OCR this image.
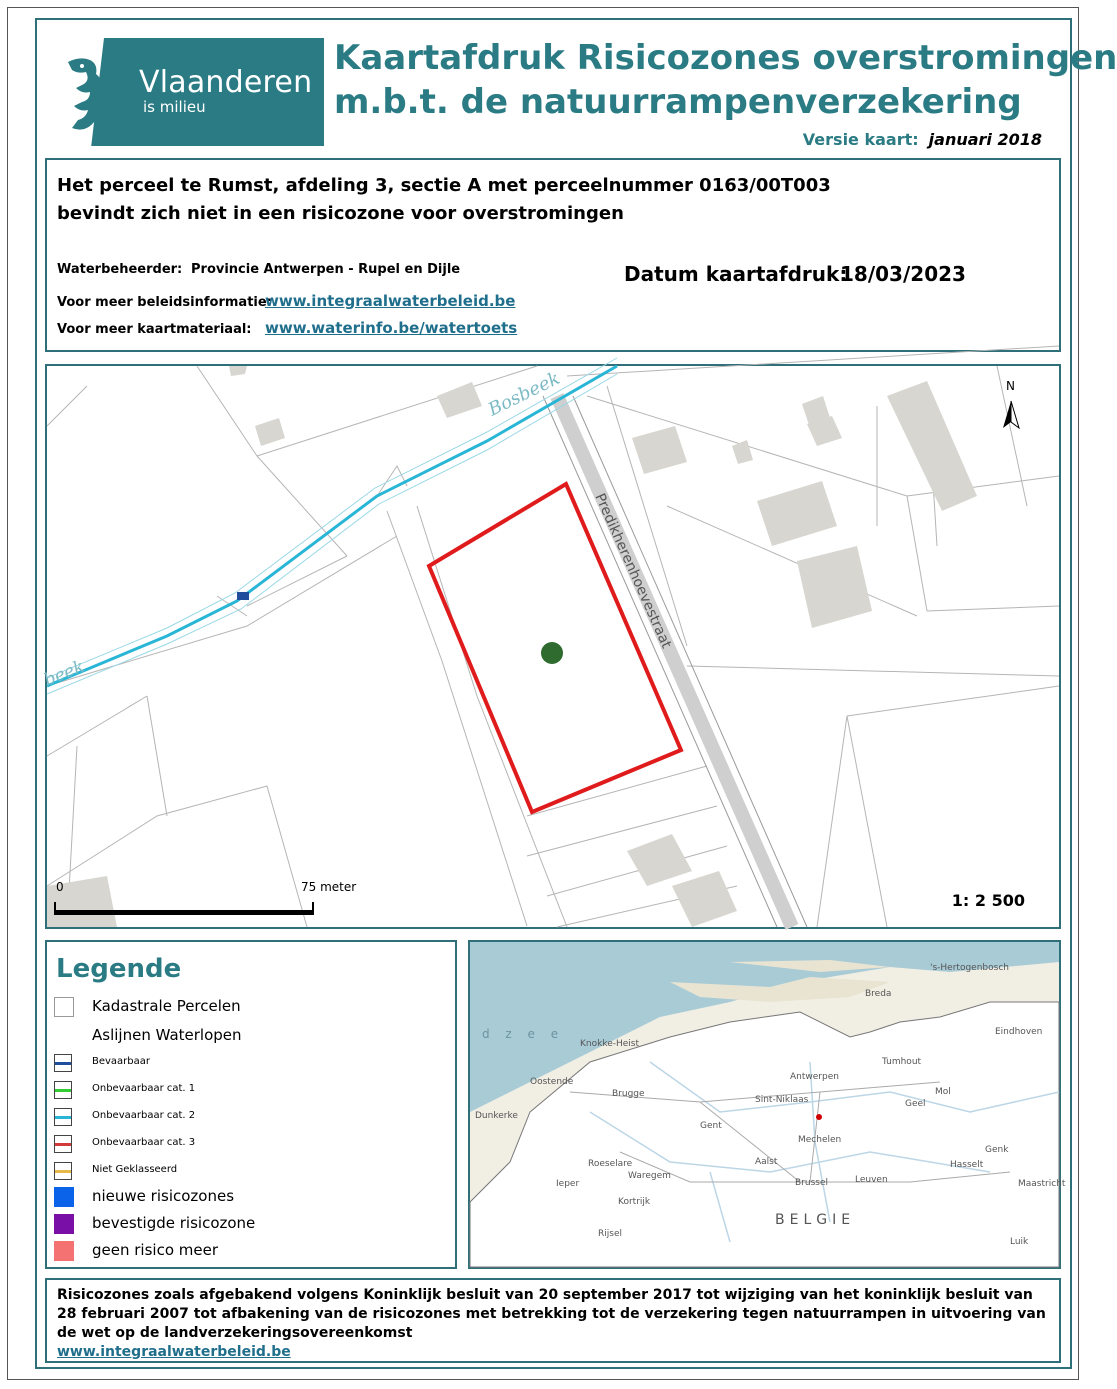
Vlaanderen
is milieu
Kaartafdruk Risicozones overstromingen
m.b.t. de natuurrampenverzekering
Versie kaart: januari 2018
Het perceel te Rumst, afdeling 3, sectie A met perceelnummer 0163/00T003
bevindt zich niet in een risicozone voor overstromingen
Waterbeheerder: Provincie Antwerpen - Rupel en Dijle
Voor meer beleidsinformatie:
www.integraalwaterbeleid.be
Voor meer kaartmateriaal: www.waterinfo.be/watertoets
Datum kaartafdruk:
18/03/2023
Bosbeek
beek
Predikherenhoevestraat
N
0	75 meter
1: 2 500
Legende
Kadastrale Percelen
Aslijnen Waterlopen
Bevaarbaar
Onbevaarbaar cat. 1
Onbevaarbaar cat. 2
Onbevaarbaar cat. 3
Niet Geklasseerd
nieuwe risicozones
bevestigde risicozone
geen risico meer
's-Hertogenbosch
Breda
Eindhoven
Knokke-Heist
Tumhout
Oostende
Brugge
Antwerpen
Sint-Niklaas
Mol
Geel
Dunkerke
Gent
Mechelen
Genk
Roeselare	Aalst
Waregem	Leuven
Hasselt
Ieper	Brussel
Kortrijk
Maastricht
Rijsel
BELGIE
Luik
d z e e
Risicozones zoals afgebakend volgens Koninklijk besluit van 20 september 2017 tot wijziging van het koninklijk besluit van 28 februari 2007 tot afbakening van de risicozones met betrekking tot de verzekering tegen natuurrampen in uitvoering van de wet op de landverzekeringsovereenkomst
www.integraalwaterbeleid.be
